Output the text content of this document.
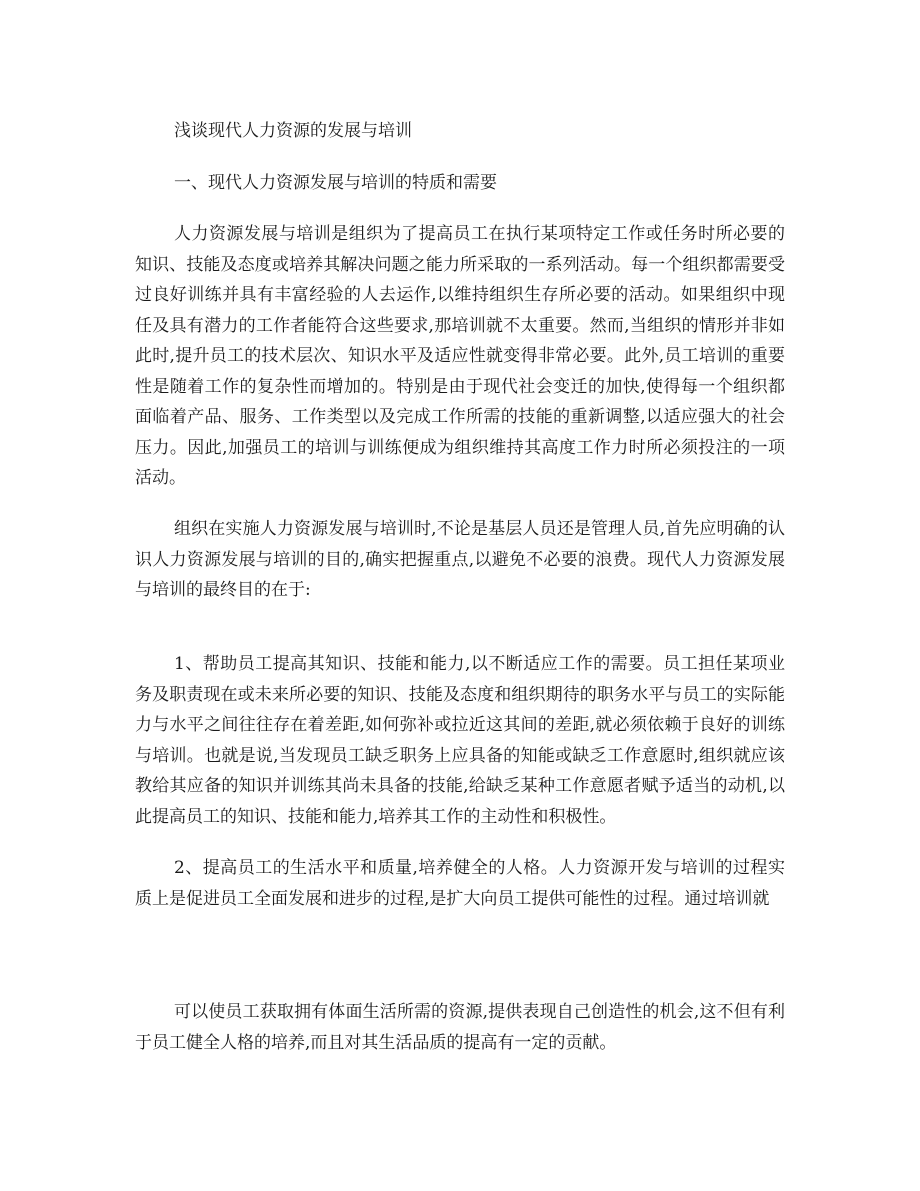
浅谈现代人力资源的发展与培训
一、现代人力资源发展与培训的特质和需要

人力资源发展与培训是组织为了提高员工在执行某项特定工作或任务时所必要的知识、技能及态度或培养其解决问题之能力所采取的一系列活动。每一个组织都需要受过良好训练并具有丰富经验的人去运作,以维持组织生存所必要的活动。如果组织中现任及具有潜力的工作者能符合这些要求,那培训就不太重要。然而,当组织的情形并非如此时,提升员工的技术层次、知识水平及适应性就变得非常必要。此外,员工培训的重要性是随着工作的复杂性而增加的。特别是由于现代社会变迁的加快,使得每一个组织都面临着产品、服务、工作类型以及完成工作所需的技能的重新调整,以适应强大的社会压力。因此,加强员工的培训与训练便成为组织维持其高度工作力时所必须投注的一项活动。

组织在实施人力资源发展与培训时,不论是基层人员还是管理人员,首先应明确的认识人力资源发展与培训的目的,确实把握重点,以避免不必要的浪费。现代人力资源发展与培训的最终目的在于:

1、帮助员工提高其知识、技能和能力,以不断适应工作的需要。员工担任某项业务及职责现在或未来所必要的知识、技能及态度和组织期待的职务水平与员工的实际能力与水平之间往往存在着差距,如何弥补或拉近这其间的差距,就必须依赖于良好的训练与培训。也就是说,当发现员工缺乏职务上应具备的知能或缺乏工作意愿时,组织就应该教给其应备的知识并训练其尚未具备的技能,给缺乏某种工作意愿者赋予适当的动机,以此提高员工的知识、技能和能力,培养其工作的主动性和积极性。

2、提高员工的生活水平和质量,培养健全的人格。人力资源开发与培训的过程实质上是促进员工全面发展和进步的过程,是扩大向员工提供可能性的过程。通过培训就

可以使员工获取拥有体面生活所需的资源,提供表现自己创造性的机会,这不但有利于员工健全人格的培养,而且对其生活品质的提高有一定的贡献。
